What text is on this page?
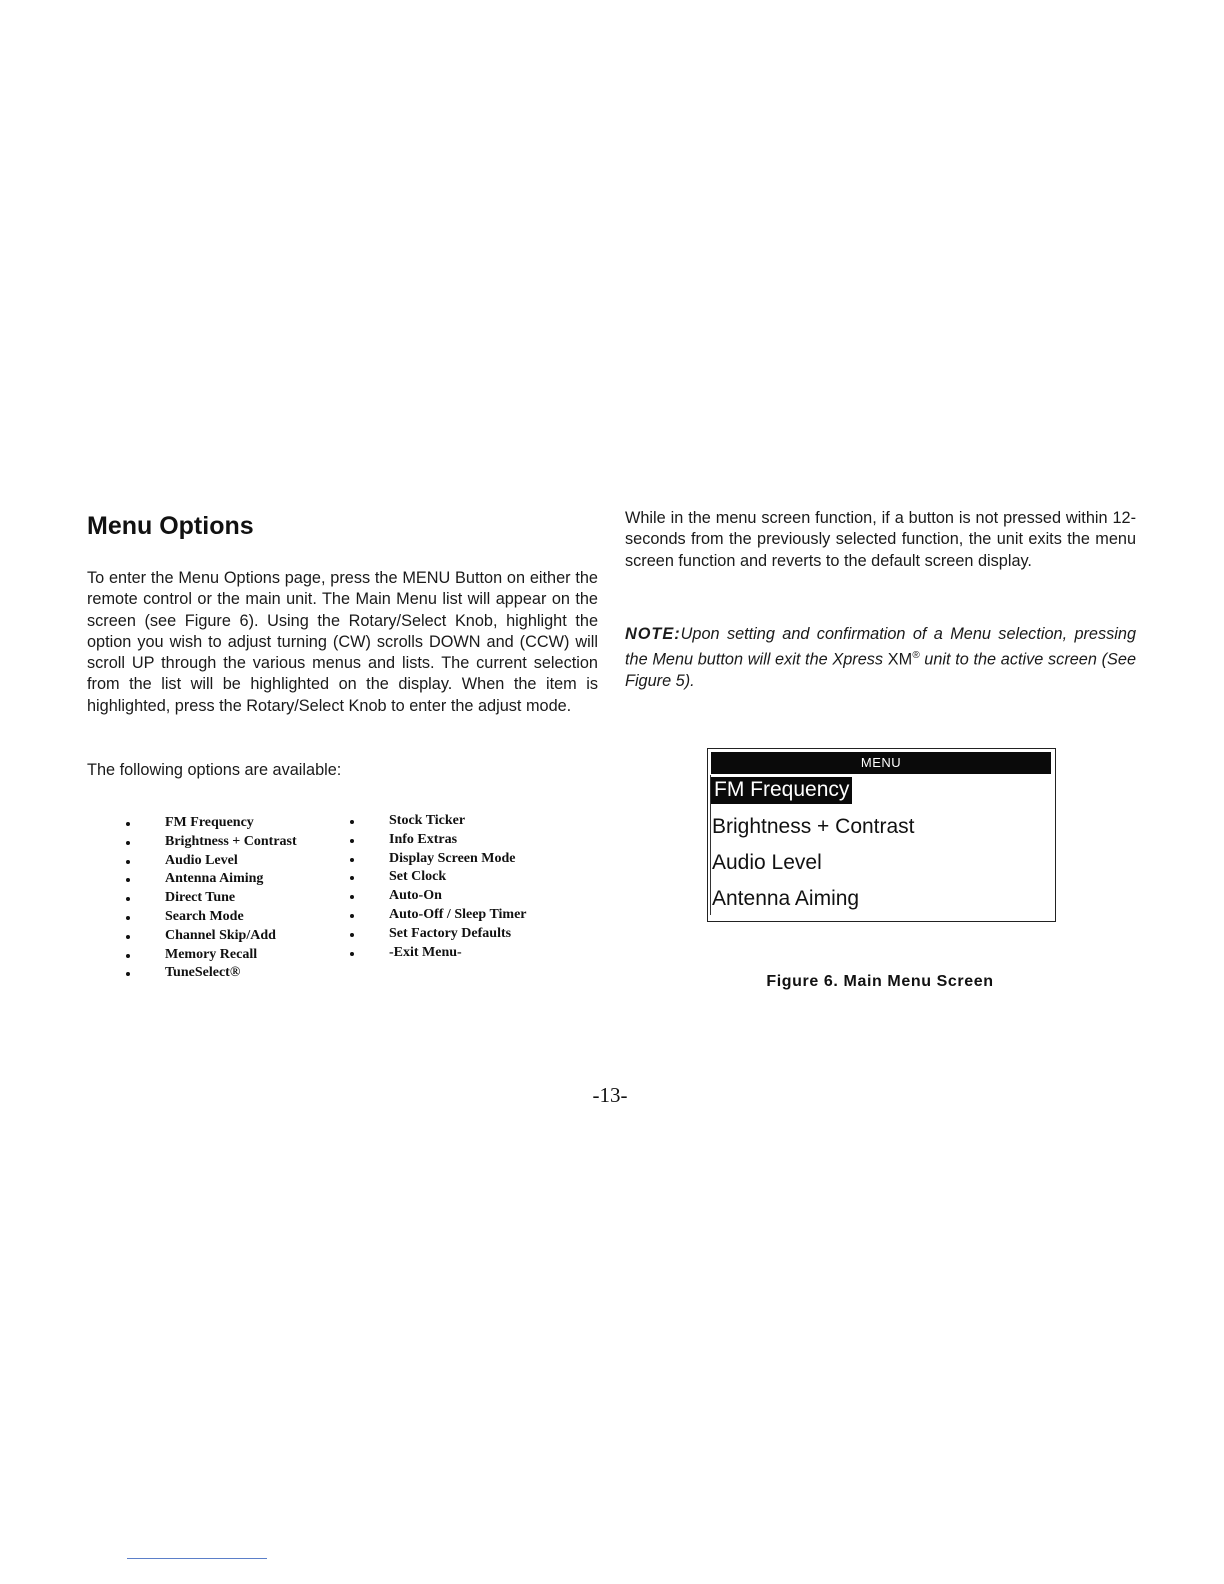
Menu Options

To enter the Menu Options page, press the MENU Button on either the remote control or the main unit. The Main Menu list will appear on the screen (see Figure 6). Using the Rotary/Select Knob, highlight the option you wish to adjust turning (CW) scrolls DOWN and (CCW) will scroll UP through the various menus and lists. The current selection from the list will be highlighted on the display. When the item is highlighted, press the Rotary/Select Knob to enter the adjust mode.

The following options are available:

FM Frequency
Brightness + Contrast
Audio Level
Antenna Aiming
Direct Tune
Search Mode
Channel Skip/Add
Memory Recall
TuneSelect®
Stock Ticker
Info Extras
Display Screen Mode
Set Clock
Auto-On
Auto-Off / Sleep Timer
Set Factory Defaults
-Exit Menu-

While in the menu screen function, if a button is not pressed within 12-seconds from the previously selected function, the unit exits the menu screen function and reverts to the default screen display.

NOTE:Upon setting and confirmation of a Menu selection, pressing the Menu button will exit the Xpress XM® unit to the active screen (See Figure 5).

MENU
FM Frequency
Brightness + Contrast
Audio Level
Antenna Aiming

Figure 6. Main Menu Screen

-13-
